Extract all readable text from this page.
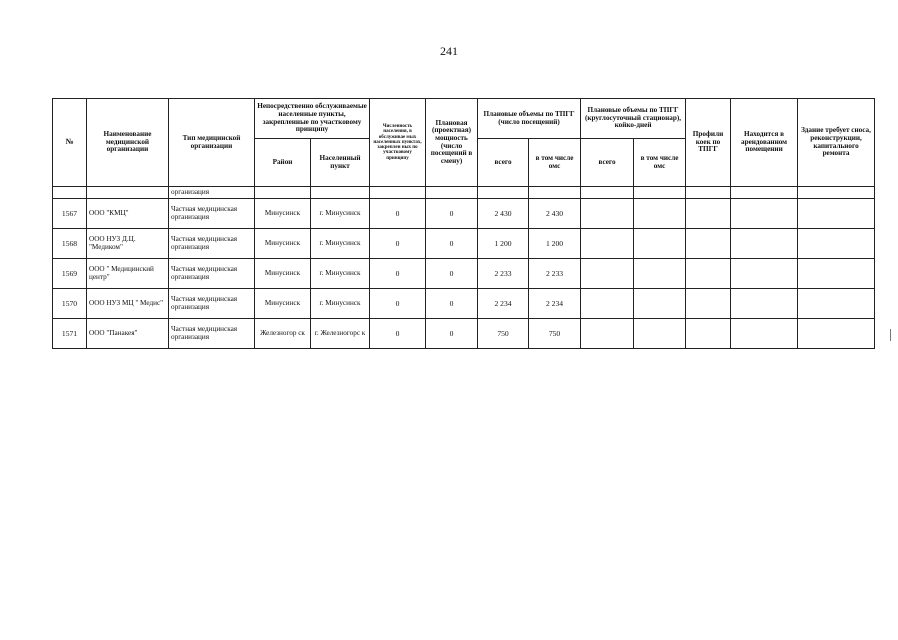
241
№	Наименование медицинской организации	Тип медицинской организации	Непосредственно обслуживаемые населенные пункты, закрепленные по участковому принципу		Численность населения, в обслуживае мых населенных пунктах, закреплен ных по участковому принципу	Плановая (проектная) мощность (число посещений в смену)	Плановые объемы по ТПГГ (число посещений)		Плановые объемы по ТПГГ (круглосуточный стационар), койко-дней		Профили коек по ТПГГ	Находится в арендованном помещении	Здание требует сноса, реконструкции, капитального ремонта
			Район	Населенный пункт			всего	в том числе омс	всего	в том числе омс			
		организация											
1567	ООО "КМЦ"	Частная медицинская организация	Минусинск	г. Минусинск	0	0	2 430	2 430					
1568	ООО НУЗ Д.Ц. "Медиком"	Частная медицинская организация	Минусинск	г. Минусинск	0	0	1 200	1 200					
1569	ООО " Медицинский центр"	Частная медицинская организация	Минусинск	г. Минусинск	0	0	2 233	2 233					
1570	ООО НУЗ МЦ " Медис"	Частная медицинская организация	Минусинск	г. Минусинск	0	0	2 234	2 234					
1571	ООО "Панакея"	Частная медицинская организация	Железногор ск	г. Железногорс к	0	0	750	750					
